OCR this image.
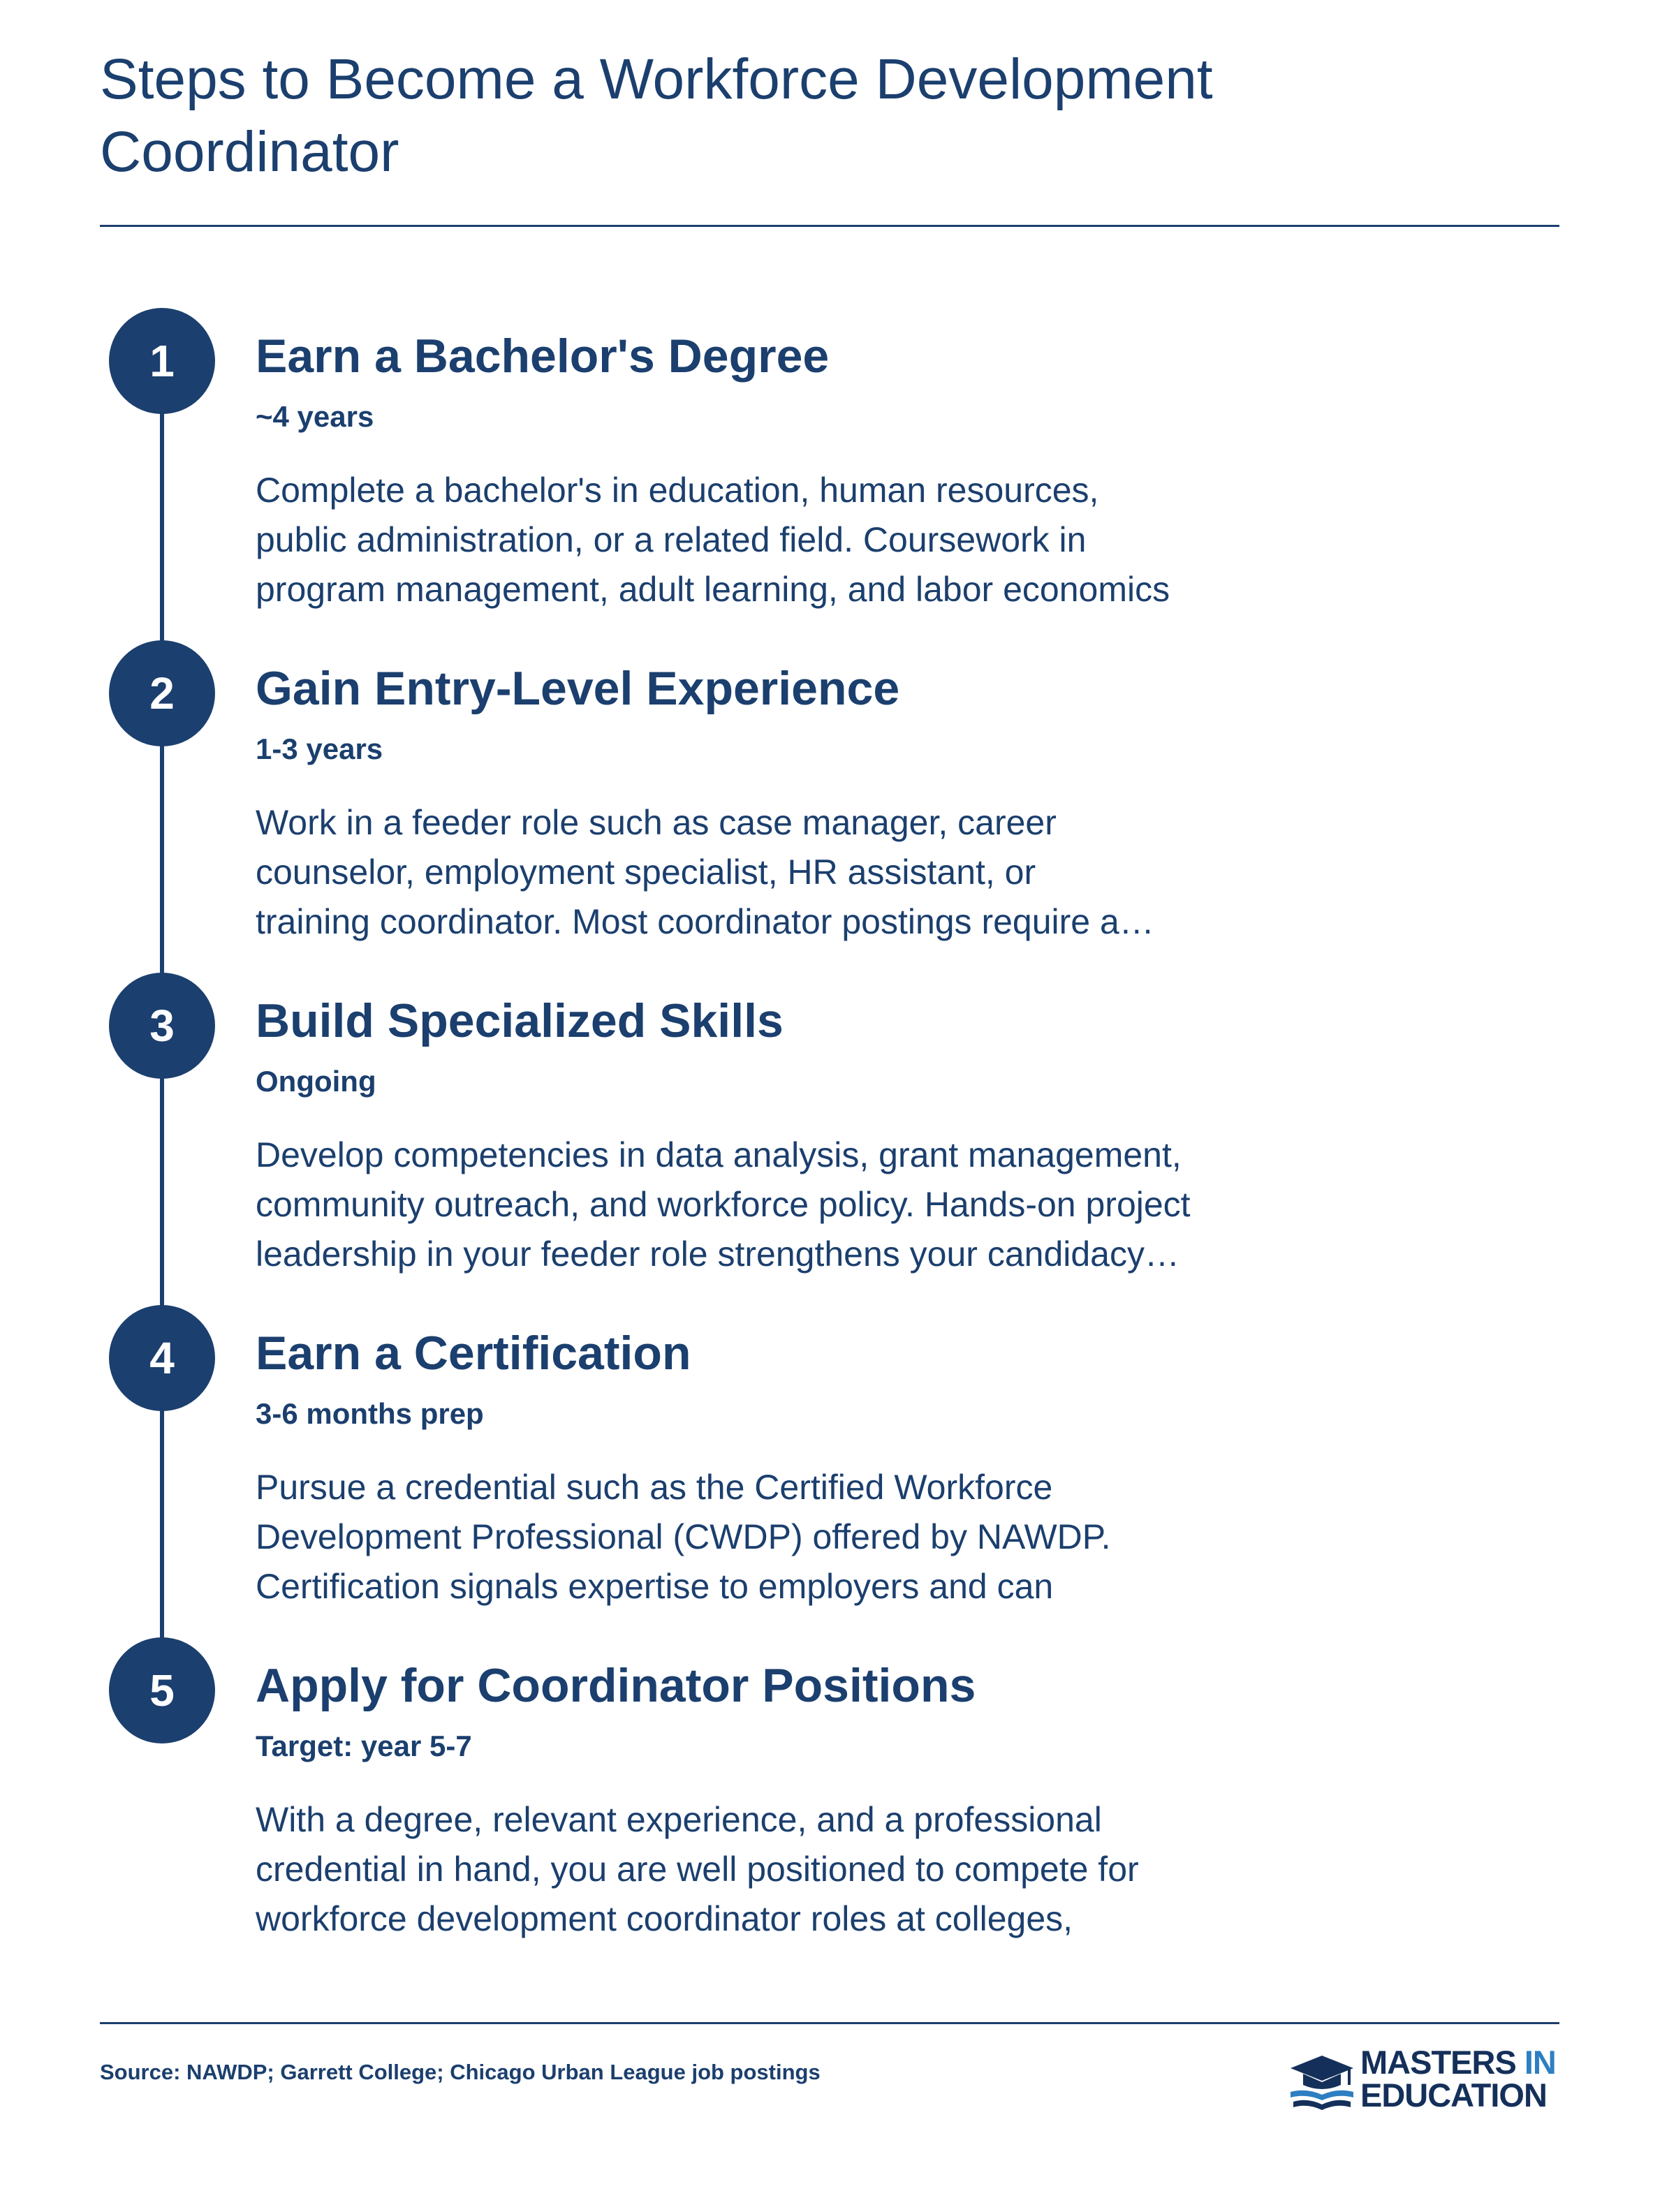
Steps to Become a Workforce Development
Coordinator
1	Earn a Bachelor's Degree
~4 years
Complete a bachelor's in education, human resources,
public administration, or a related field. Coursework in
program management, adult learning, and labor economics
2	Gain Entry-Level Experience
1-3 years
Work in a feeder role such as case manager, career
counselor, employment specialist, HR assistant, or
training coordinator. Most coordinator postings require a…
3	Build Specialized Skills
Ongoing
Develop competencies in data analysis, grant management,
community outreach, and workforce policy. Hands-on project
leadership in your feeder role strengthens your candidacy…
4	Earn a Certification
3-6 months prep
Pursue a credential such as the Certified Workforce
Development Professional (CWDP) offered by NAWDP.
Certification signals expertise to employers and can
5	Apply for Coordinator Positions
Target: year 5-7
With a degree, relevant experience, and a professional
credential in hand, you are well positioned to compete for
workforce development coordinator roles at colleges,
Source: NAWDP; Garrett College; Chicago Urban League job postings	MASTERS IN
EDUCATION
